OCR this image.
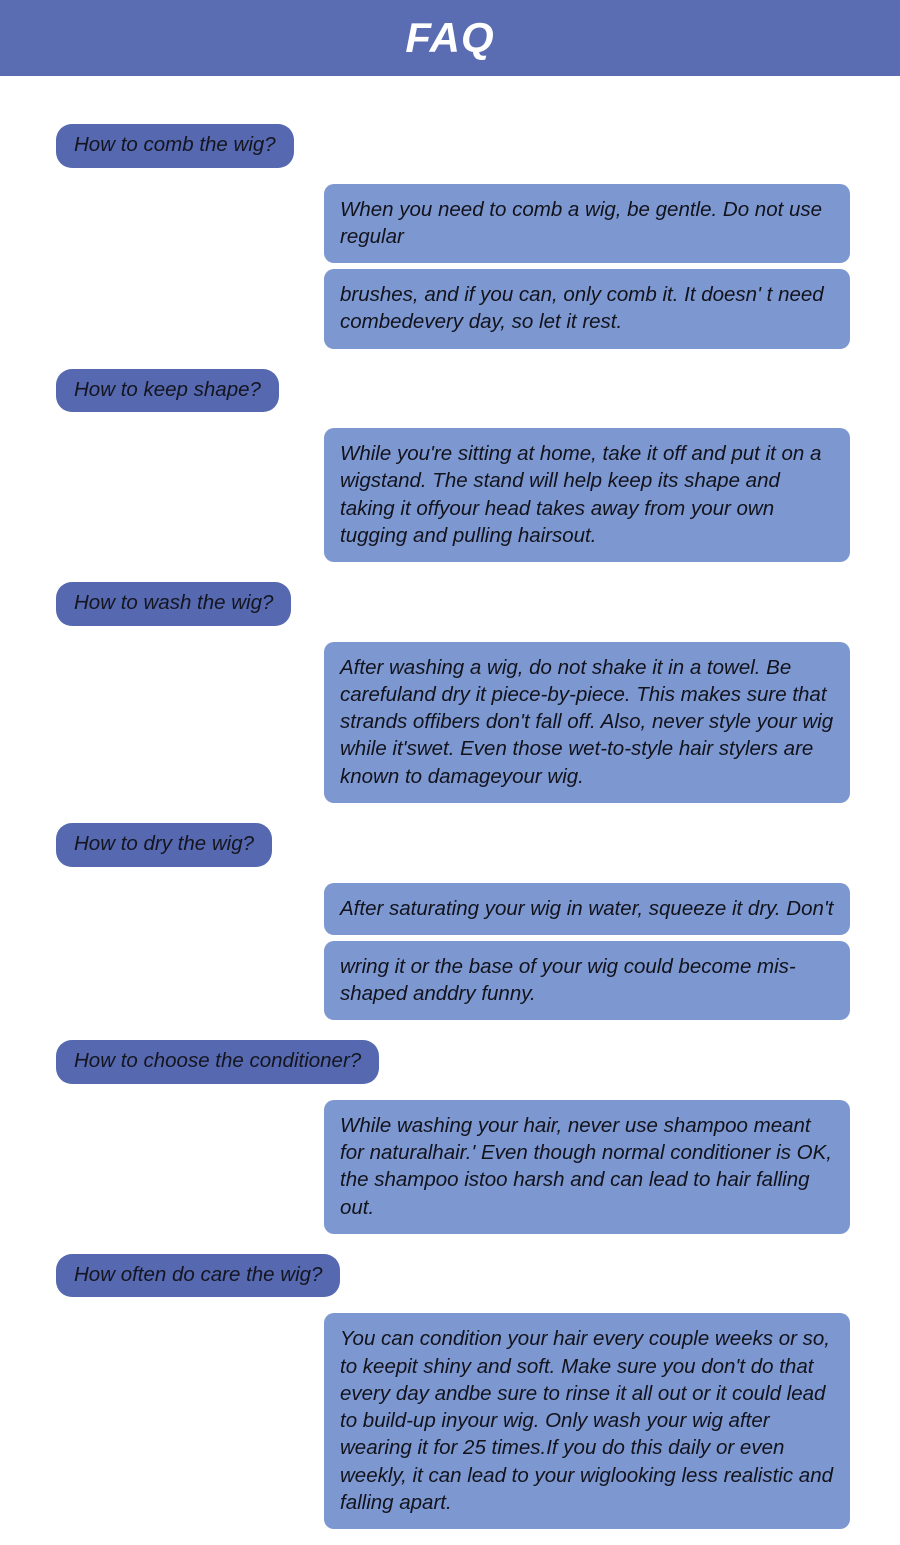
FAQ
How to comb the wig?
When you need to comb a wig, be gentle. Do not use regular
brushes, and if you can, only comb it. It doesn' t need combedevery day, so let it rest.
How to keep shape?
While you're sitting at home, take it off and put it on a wigstand. The stand will help keep its shape and taking it offyour head takes away from your own tugging and pulling hairsout.
How to wash the wig?
After washing a wig, do not shake it in a towel. Be carefuland dry it piece-by-piece. This makes sure that strands offibers don't fall off. Also, never style your wig while it'swet. Even those wet-to-style hair stylers are known to damageyour wig.
How to dry the wig?
After saturating your wig in water, squeeze it dry. Don't
wring it or the base of your wig could become mis-shaped anddry funny.
How to choose the conditioner?
While washing your hair, never use shampoo meant for naturalhair.' Even though normal conditioner is OK, the shampoo istoo harsh and can lead to hair falling out.
How often do care the wig?
You can condition your hair every couple weeks or so, to keepit shiny and soft. Make sure you don't do that every day andbe sure to rinse it all out or it could lead to build-up inyour wig. Only wash your wig after wearing it for 25 times.If you do this daily or even weekly, it can lead to your wiglooking less realistic and falling apart.
